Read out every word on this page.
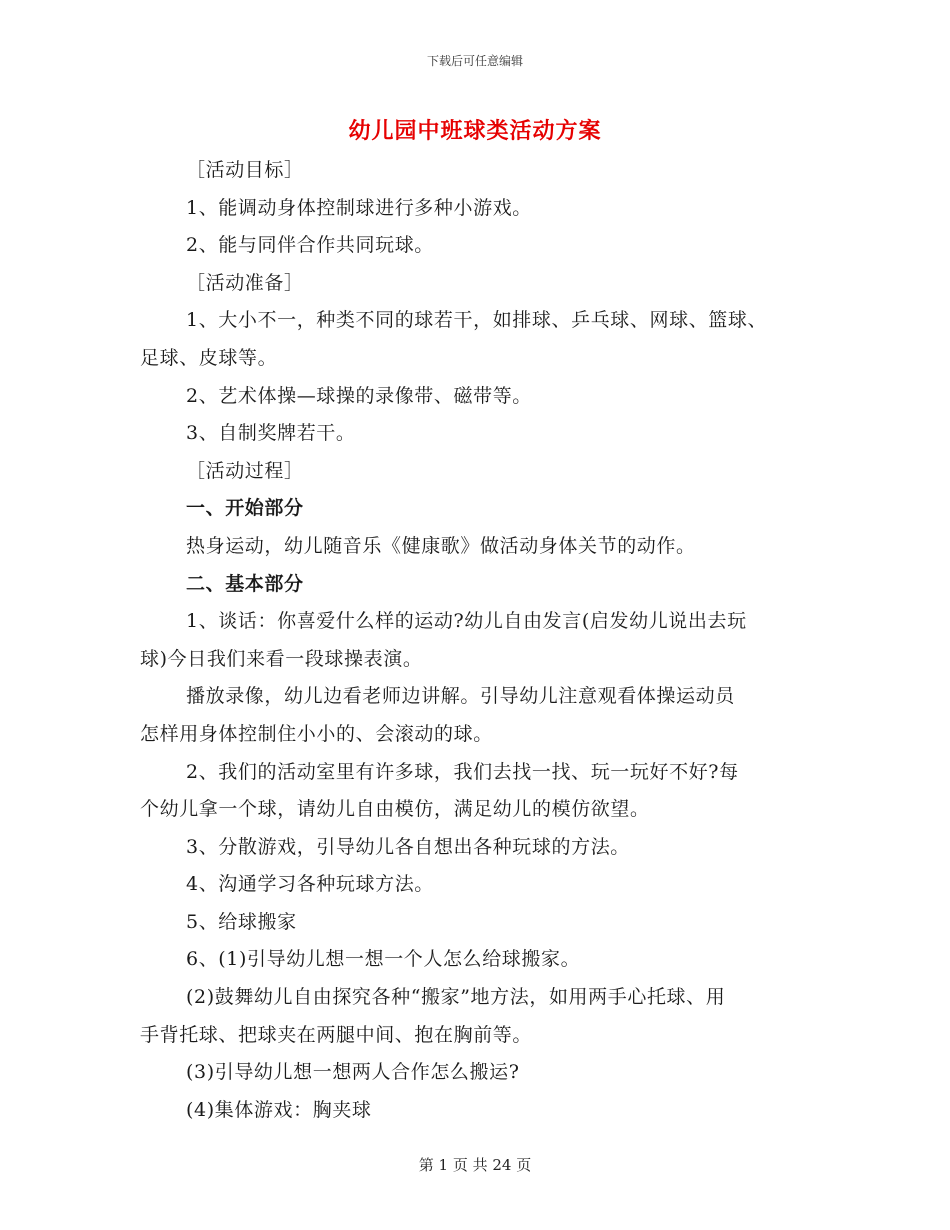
下载后可任意编辑
幼儿园中班球类活动方案
［活动目标］
1、能调动身体控制球进行多种小游戏。
2、能与同伴合作共同玩球。
［活动准备］
1、大小不一，种类不同的球若干，如排球、乒乓球、网球、篮球、
足球、皮球等。
2、艺术体操—球操的录像带、磁带等。
3、自制奖牌若干。
［活动过程］
一、开始部分
热身运动，幼儿随音乐《健康歌》做活动身体关节的动作。
二、基本部分
1、谈话：你喜爱什么样的运动?幼儿自由发言(启发幼儿说出去玩
球)今日我们来看一段球操表演。
播放录像，幼儿边看老师边讲解。引导幼儿注意观看体操运动员
怎样用身体控制住小小的、会滚动的球。
2、我们的活动室里有许多球，我们去找一找、玩一玩好不好?每
个幼儿拿一个球，请幼儿自由模仿，满足幼儿的模仿欲望。
3、分散游戏，引导幼儿各自想出各种玩球的方法。
4、沟通学习各种玩球方法。
5、给球搬家
6、(1)引导幼儿想一想一个人怎么给球搬家。
(2)鼓舞幼儿自由探究各种“搬家”地方法，如用两手心托球、用
手背托球、把球夹在两腿中间、抱在胸前等。
(3)引导幼儿想一想两人合作怎么搬运?
(4)集体游戏：胸夹球
第 1 页 共 24 页
